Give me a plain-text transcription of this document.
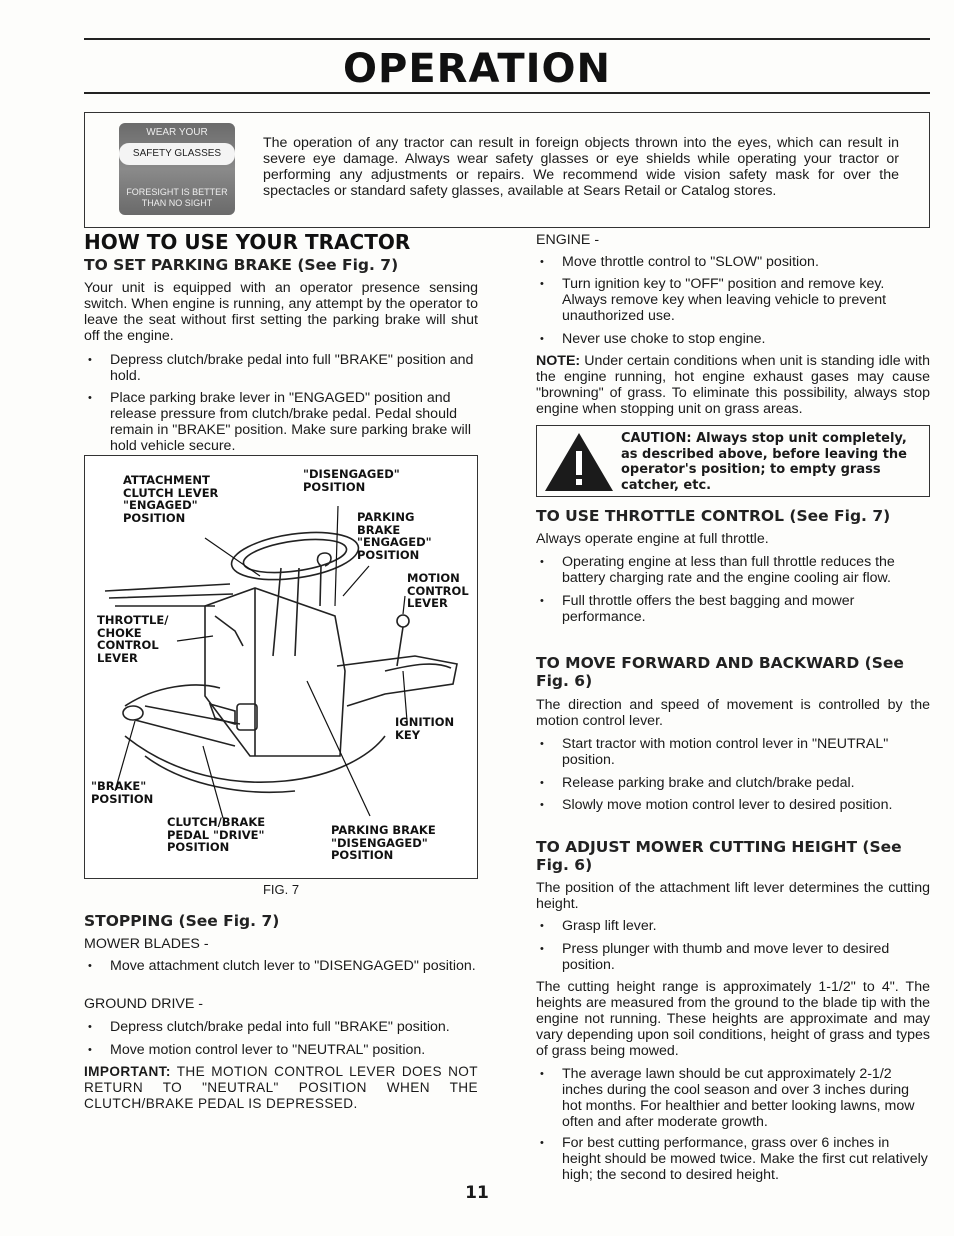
OPERATION
WEAR YOUR
SAFETY GLASSES
FORESIGHT IS BETTER THAN NO SIGHT
The operation of any tractor can result in foreign objects thrown into the eyes, which can result in severe eye damage. Always wear safety glasses or eye shields while operating your tractor or performing any adjustments or repairs. We recommend wide vision safety mask for over the spectacles or standard safety glasses, available at Sears Retail or Catalog stores.
HOW TO USE YOUR TRACTOR
TO SET PARKING BRAKE (See Fig. 7)
Your unit is equipped with an operator presence sensing switch. When engine is running, any attempt by the operator to leave the seat without first setting the parking brake will shut off the engine.
• Depress clutch/brake pedal into full "BRAKE" position and hold.
• Place parking brake lever in "ENGAGED" position and release pressure from clutch/brake pedal. Pedal should remain in "BRAKE" position. Make sure parking brake will hold vehicle secure.
ATTACHMENT
CLUTCH LEVER
"ENGAGED"
POSITION
"DISENGAGED"
POSITION
PARKING
BRAKE
"ENGAGED"
POSITION
MOTION
CONTROL
LEVER
THROTTLE/
CHOKE
CONTROL
LEVER
IGNITION
KEY
"BRAKE"
POSITION
CLUTCH/BRAKE
PEDAL "DRIVE"
POSITION
PARKING BRAKE
"DISENGAGED"
POSITION
FIG. 7
STOPPING (See Fig. 7)
MOWER BLADES -
• Move attachment clutch lever to "DISENGAGED" position.
GROUND DRIVE -
• Depress clutch/brake pedal into full "BRAKE" position.
• Move motion control lever to "NEUTRAL" position.
IMPORTANT: THE MOTION CONTROL LEVER DOES NOT RETURN TO "NEUTRAL" POSITION WHEN THE CLUTCH/BRAKE PEDAL IS DEPRESSED.
ENGINE -
• Move throttle control to "SLOW" position.
• Turn ignition key to "OFF" position and remove key. Always remove key when leaving vehicle to prevent unauthorized use.
• Never use choke to stop engine.
NOTE: Under certain conditions when unit is standing idle with the engine running, hot engine exhaust gases may cause "browning" of grass. To eliminate this possibility, always stop engine when stopping unit on grass areas.
CAUTION: Always stop unit completely, as described above, before leaving the operator's position; to empty grass catcher, etc.
TO USE THROTTLE CONTROL (See Fig. 7)
Always operate engine at full throttle.
• Operating engine at less than full throttle reduces the battery charging rate and the engine cooling air flow.
• Full throttle offers the best bagging and mower performance.
TO MOVE FORWARD AND BACKWARD (See Fig. 6)
The direction and speed of movement is controlled by the motion control lever.
• Start tractor with motion control lever in "NEUTRAL" position.
• Release parking brake and clutch/brake pedal.
• Slowly move motion control lever to desired position.
TO ADJUST MOWER CUTTING HEIGHT (See Fig. 6)
The position of the attachment lift lever determines the cutting height.
• Grasp lift lever.
• Press plunger with thumb and move lever to desired position.
The cutting height range is approximately 1-1/2" to 4". The heights are measured from the ground to the blade tip with the engine not running. These heights are approximate and may vary depending upon soil conditions, height of grass and types of grass being mowed.
• The average lawn should be cut approximately 2-1/2 inches during the cool season and over 3 inches during hot months. For healthier and better looking lawns, mow often and after moderate growth.
• For best cutting performance, grass over 6 inches in height should be mowed twice. Make the first cut relatively high; the second to desired height.
11
